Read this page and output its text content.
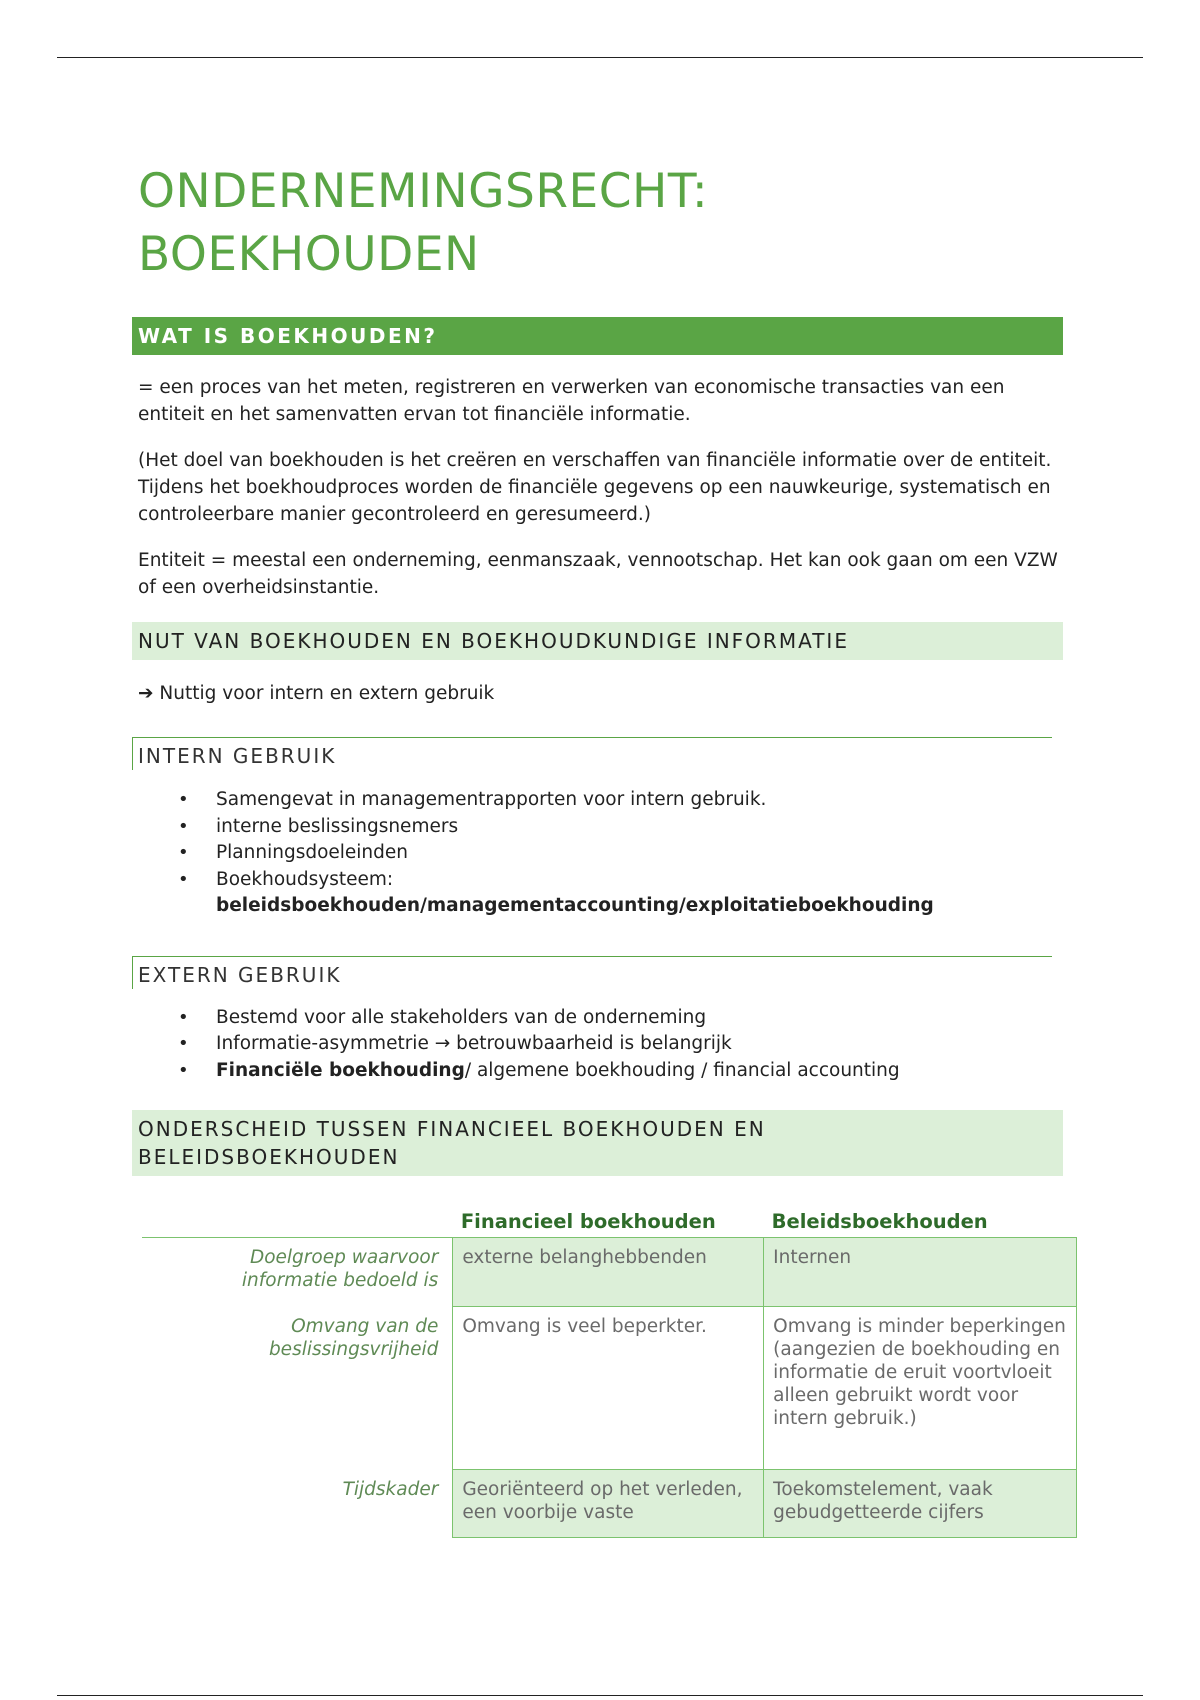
ONDERNEMINGSRECHT:
BOEKHOUDEN
WAT IS BOEKHOUDEN?

= een proces van het meten, registreren en verwerken van economische transacties van een entiteit en het samenvatten ervan tot financiële informatie.

(Het doel van boekhouden is het creëren en verschaffen van financiële informatie over de entiteit. Tijdens het boekhoudproces worden de financiële gegevens op een nauwkeurige, systematisch en controleerbare manier gecontroleerd en geresumeerd.)

Entiteit = meestal een onderneming, eenmanszaak, vennootschap. Het kan ook gaan om een VZW of een overheidsinstantie.

NUT VAN BOEKHOUDEN EN BOEKHOUDKUNDIGE INFORMATIE

➔ Nuttig voor intern en extern gebruik

INTERN GEBRUIK
• Samengevat in managementrapporten voor intern gebruik.
• interne beslissingsnemers
• Planningsdoeleinden
• Boekhoudsysteem:
beleidsboekhouden/managementaccounting/exploitatieboekhouding
EXTERN GEBRUIK
• Bestemd voor alle stakeholders van de onderneming
• Informatie-asymmetrie → betrouwbaarheid is belangrijk
• Financiële boekhouding/ algemene boekhouding / financial accounting
ONDERSCHEID TUSSEN FINANCIEEL BOEKHOUDEN EN BELEIDSBOEKHOUDEN
	Financieel boekhouden	Beleidsboekhouden
Doelgroep waarvoor informatie bedoeld is	externe belanghebbenden	Internen
Omvang van de beslissingsvrijheid	Omvang is veel beperkter.	Omvang is minder beperkingen (aangezien de boekhouding en informatie de eruit voortvloeit alleen gebruikt wordt voor intern gebruik.)
Tijdskader	Georiënteerd op het verleden, een voorbije vaste	Toekomstelement, vaak gebudgetteerde cijfers
